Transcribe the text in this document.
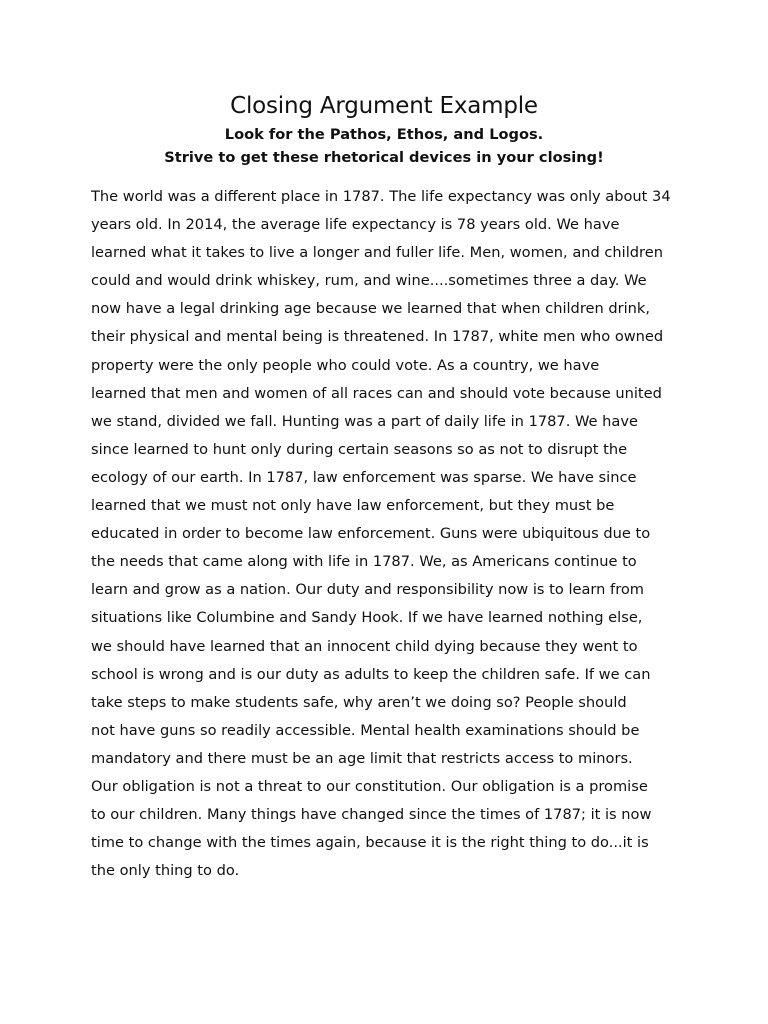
Closing Argument Example

Look for the Pathos, Ethos, and Logos.

Strive to get these rhetorical devices in your closing!

The world was a different place in 1787. The life expectancy was only about 34
years old. In 2014, the average life expectancy is 78 years old. We have
learned what it takes to live a longer and fuller life. Men, women, and children
could and would drink whiskey, rum, and wine....sometimes three a day. We
now have a legal drinking age because we learned that when children drink,
their physical and mental being is threatened. In 1787, white men who owned
property were the only people who could vote. As a country, we have
learned that men and women of all races can and should vote because united
we stand, divided we fall. Hunting was a part of daily life in 1787. We have
since learned to hunt only during certain seasons so as not to disrupt the
ecology of our earth. In 1787, law enforcement was sparse. We have since
learned that we must not only have law enforcement, but they must be
educated in order to become law enforcement. Guns were ubiquitous due to
the needs that came along with life in 1787. We, as Americans continue to
learn and grow as a nation. Our duty and responsibility now is to learn from
situations like Columbine and Sandy Hook. If we have learned nothing else,
we should have learned that an innocent child dying because they went to
school is wrong and is our duty as adults to keep the children safe. If we can
take steps to make students safe, why aren’t we doing so? People should
not have guns so readily accessible. Mental health examinations should be
mandatory and there must be an age limit that restricts access to minors.
Our obligation is not a threat to our constitution. Our obligation is a promise
to our children. Many things have changed since the times of 1787; it is now
time to change with the times again, because it is the right thing to do...it is
the only thing to do.
